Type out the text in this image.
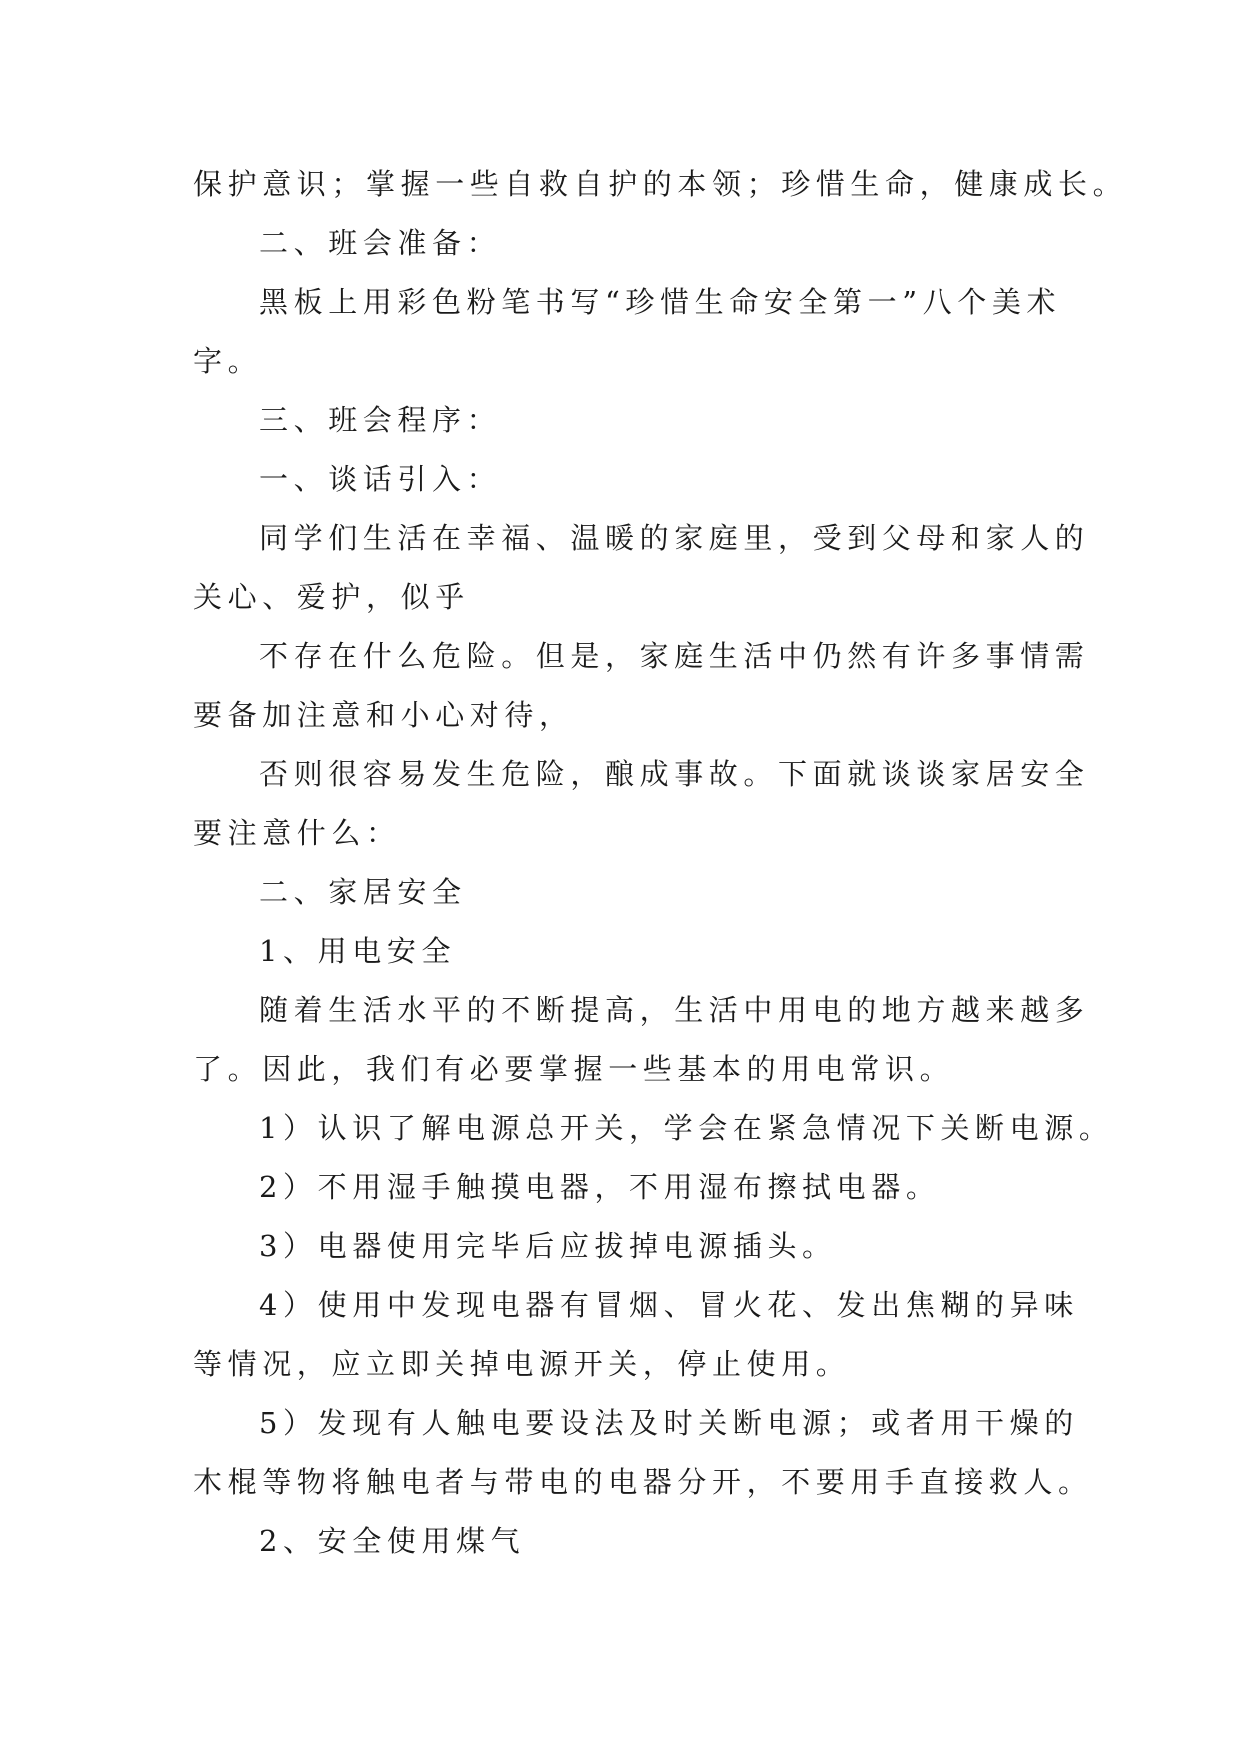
保护意识；掌握一些自救自护的本领；珍惜生命，健康成长。
二、班会准备：
黑板上用彩色粉笔书写“珍惜生命安全第一”八个美术
字。
三、班会程序：
一、谈话引入：
同学们生活在幸福、温暖的家庭里，受到父母和家人的
关心、爱护，似乎
不存在什么危险。但是，家庭生活中仍然有许多事情需
要备加注意和小心对待，
否则很容易发生危险，酿成事故。下面就谈谈家居安全
要注意什么：
二、家居安全
1、用电安全
随着生活水平的不断提高，生活中用电的地方越来越多
了。因此，我们有必要掌握一些基本的用电常识。
1）认识了解电源总开关，学会在紧急情况下关断电源。
2）不用湿手触摸电器，不用湿布擦拭电器。
3）电器使用完毕后应拔掉电源插头。
4）使用中发现电器有冒烟、冒火花、发出焦糊的异味
等情况，应立即关掉电源开关，停止使用。
5）发现有人触电要设法及时关断电源；或者用干燥的
木棍等物将触电者与带电的电器分开，不要用手直接救人。
2、安全使用煤气
